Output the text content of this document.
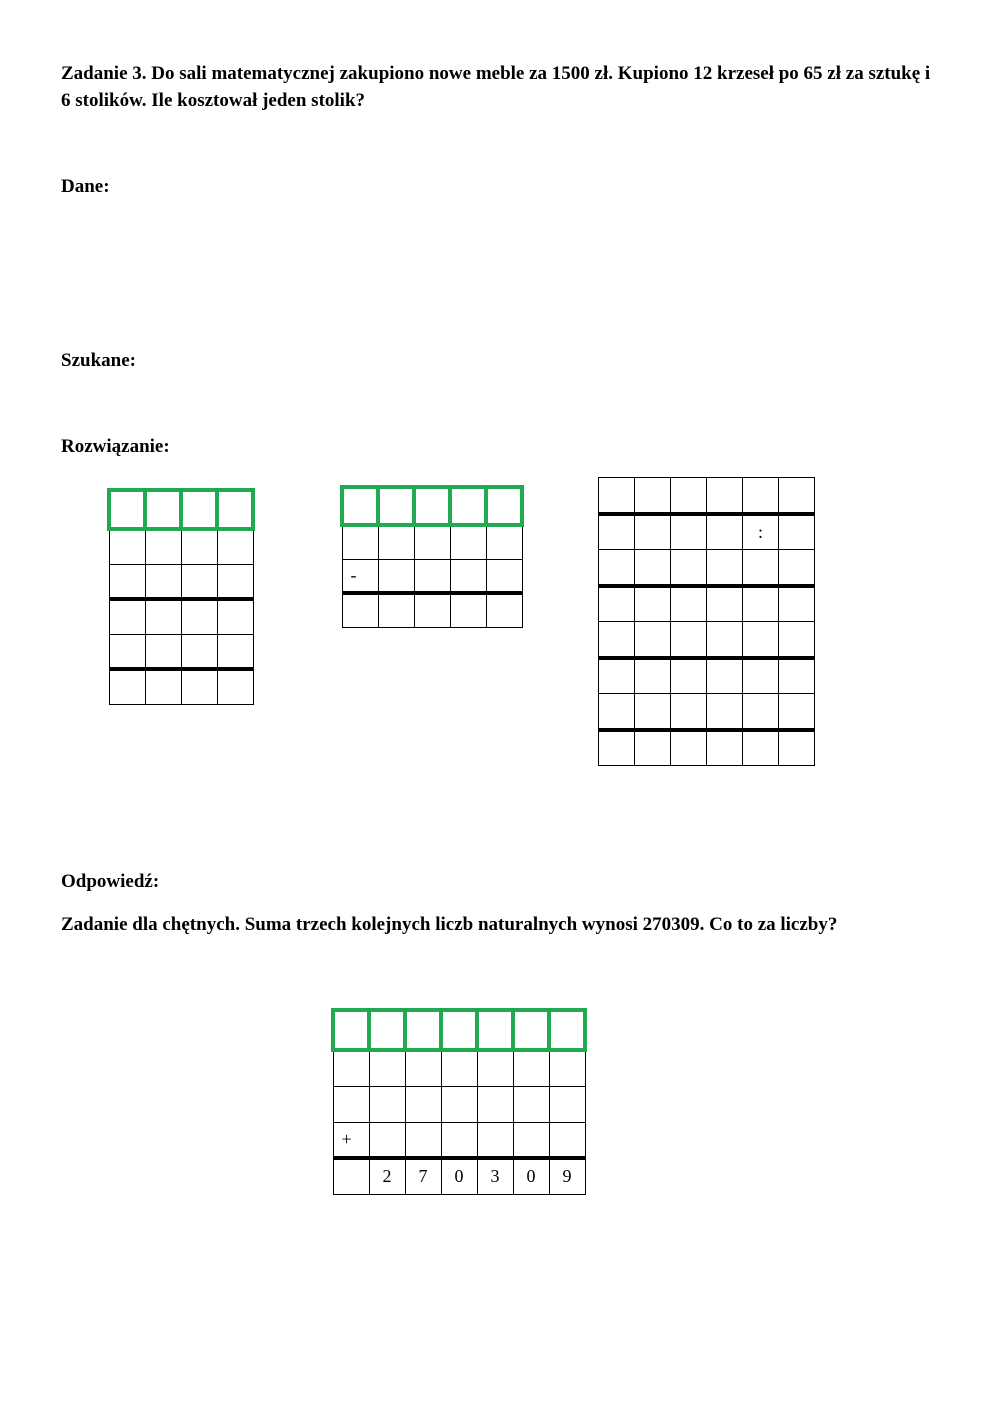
Zadanie 3. Do sali matematycznej zakupiono nowe meble za 1500 zł. Kupiono 12 krzeseł po 65 zł za sztukę i 6 stolików. Ile kosztował jeden stolik?
Dane:
Szukane:
Rozwiązanie:

-				

				:	

Odpowiedź:
Zadanie dla chętnych. Suma trzech kolejnych liczb naturalnych wynosi 270309. Co to za liczby?

+						
	2	7	0	3	0	9
